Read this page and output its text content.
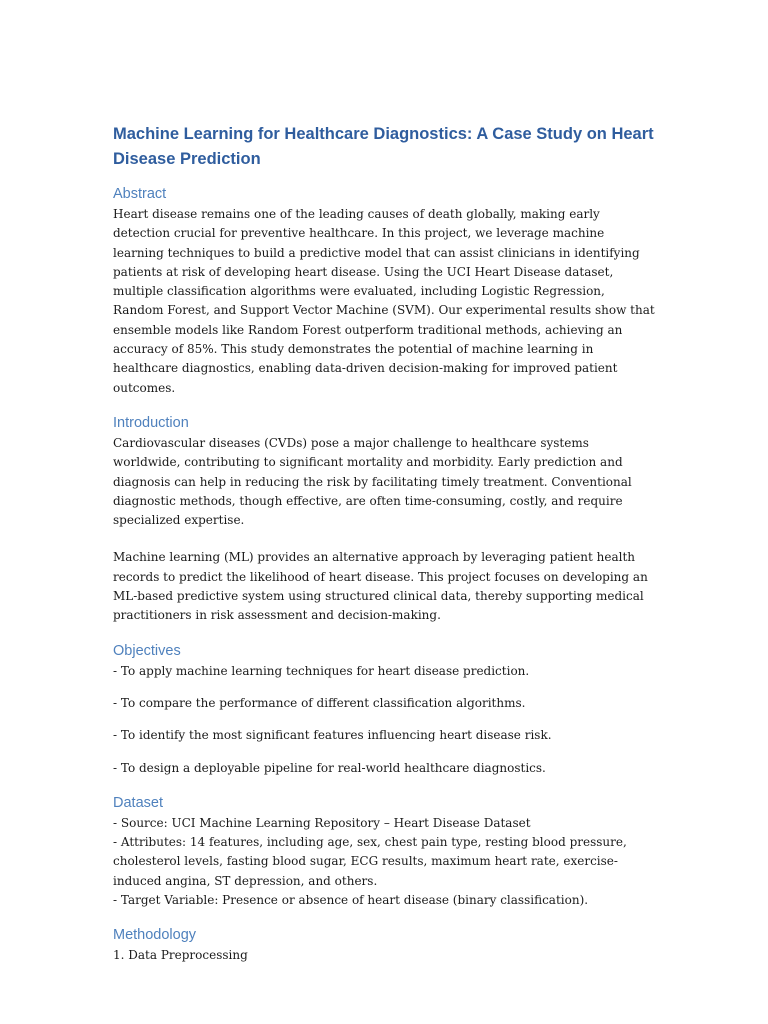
Machine Learning for Healthcare Diagnostics: A Case Study on Heart Disease Prediction
Abstract

Heart disease remains one of the leading causes of death globally, making early detection crucial for preventive healthcare. In this project, we leverage machine learning techniques to build a predictive model that can assist clinicians in identifying patients at risk of developing heart disease. Using the UCI Heart Disease dataset, multiple classification algorithms were evaluated, including Logistic Regression, Random Forest, and Support Vector Machine (SVM). Our experimental results show that ensemble models like Random Forest outperform traditional methods, achieving an accuracy of 85%. This study demonstrates the potential of machine learning in healthcare diagnostics, enabling data-driven decision-making for improved patient outcomes.

Introduction

Cardiovascular diseases (CVDs) pose a major challenge to healthcare systems worldwide, contributing to significant mortality and morbidity. Early prediction and diagnosis can help in reducing the risk by facilitating timely treatment. Conventional diagnostic methods, though effective, are often time-consuming, costly, and require specialized expertise.

Machine learning (ML) provides an alternative approach by leveraging patient health records to predict the likelihood of heart disease. This project focuses on developing an ML-based predictive system using structured clinical data, thereby supporting medical practitioners in risk assessment and decision-making.

Objectives

- To apply machine learning techniques for heart disease prediction.

- To compare the performance of different classification algorithms.

- To identify the most significant features influencing heart disease risk.

- To design a deployable pipeline for real-world healthcare diagnostics.

Dataset

- Source: UCI Machine Learning Repository – Heart Disease Dataset

- Attributes: 14 features, including age, sex, chest pain type, resting blood pressure, cholesterol levels, fasting blood sugar, ECG results, maximum heart rate, exercise-induced angina, ST depression, and others.

- Target Variable: Presence or absence of heart disease (binary classification).

Methodology

1. Data Preprocessing
